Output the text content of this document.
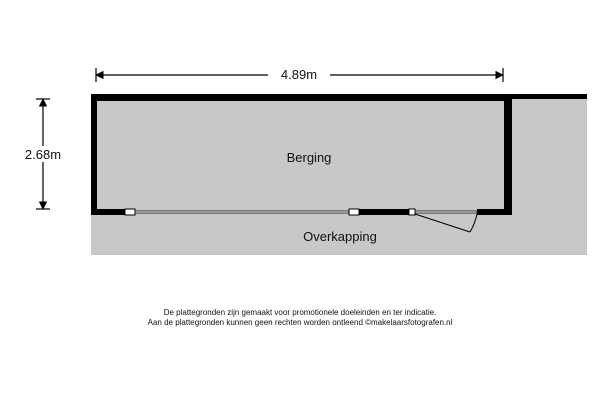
4.89m
2.68m	Berging
Overkapping
De plattegronden zijn gemaakt voor promotionele doeleinden en ter indicatie.
Aan de plattegronden kunnen geen rechten worden ontleend ©makelaarsfotografen.nl
